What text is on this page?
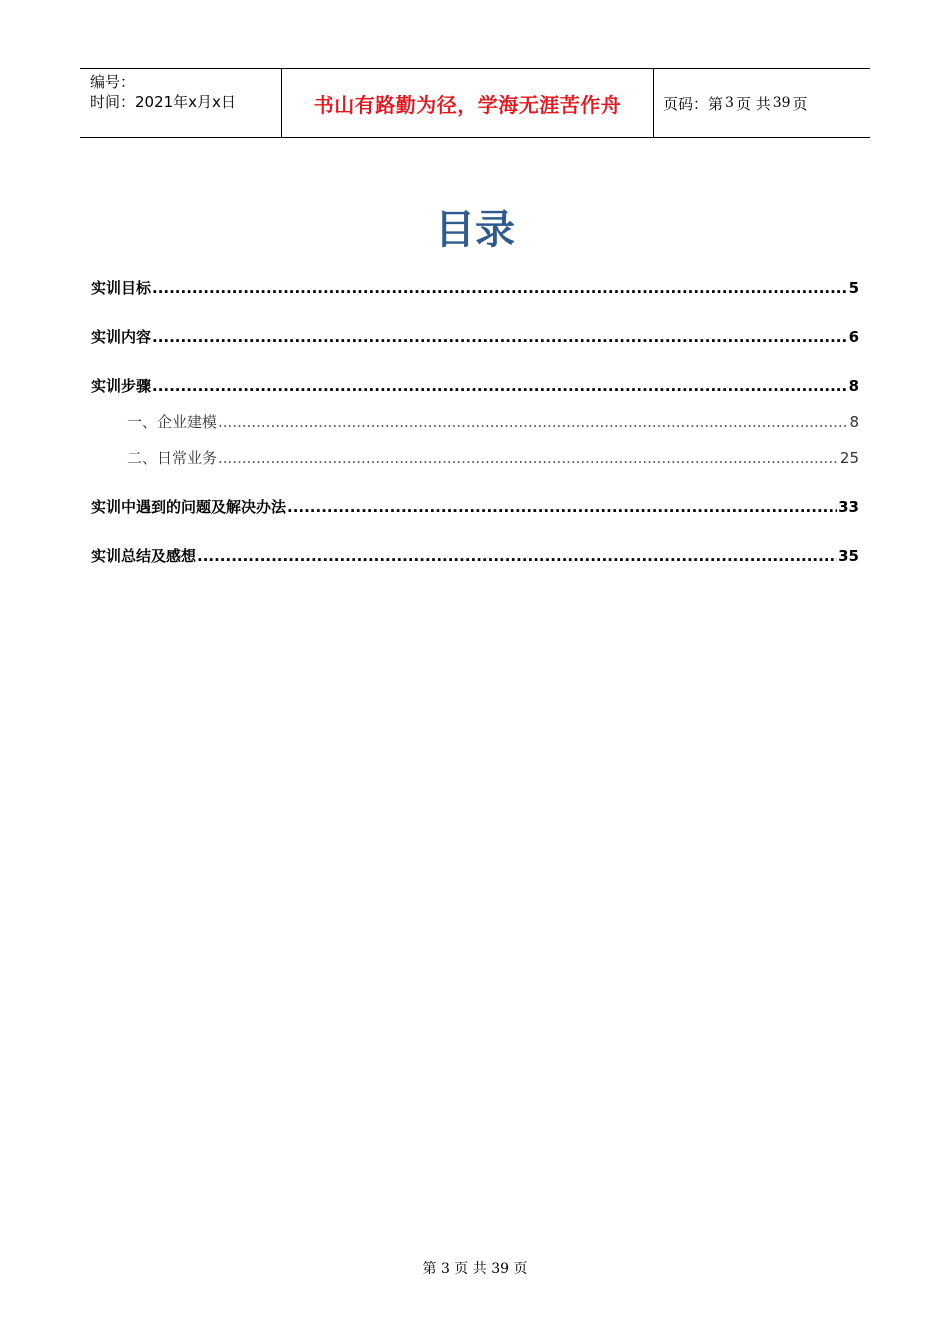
编号：
时间：2021年x月x日	书山有路勤为径，学海无涯苦作舟	页码：第 3 页 共 39 页
目录
实训目标 .....	5
实训内容 .....	6
实训步骤 .....	8
一、企业建模 .....	8
二、日常业务 .....	25
实训中遇到的问题及解决办法 .....	33
实训总结及感想 .....	35
第 3 页 共 39 页
